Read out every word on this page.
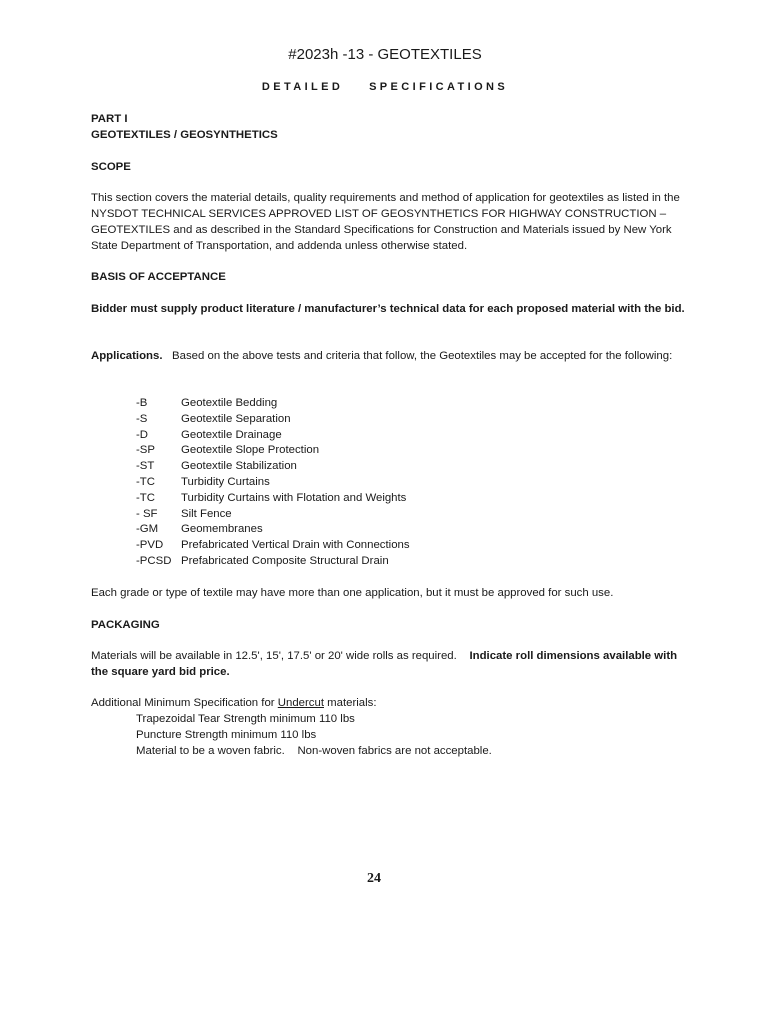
#2023h -13 - GEOTEXTILES
DETAILED    SPECIFICATIONS
PART I
GEOTEXTILES / GEOSYNTHETICS
SCOPE
This section covers the material details, quality requirements and method of application for geotextiles as listed in the NYSDOT TECHNICAL SERVICES APPROVED LIST OF GEOSYNTHETICS FOR HIGHWAY CONSTRUCTION – GEOTEXTILES and as described in the Standard Specifications for Construction and Materials issued by New York State Department of Transportation, and addenda unless otherwise stated.
BASIS OF ACCEPTANCE
Bidder must supply product literature / manufacturer’s technical data for each proposed material with the bid.
Applications. Based on the above tests and criteria that follow, the Geotextiles may be accepted for the following:
-B	Geotextile Bedding
-S	Geotextile Separation
-D	Geotextile Drainage
-SP Geotextile Slope Protection
-ST Geotextile Stabilization
-TC Turbidity Curtains
-TC Turbidity Curtains with Flotation and Weights
- SF Silt Fence
-GM Geomembranes
-PVD Prefabricated Vertical Drain with Connections
-PCSD Prefabricated Composite Structural Drain
Each grade or type of textile may have more than one application, but it must be approved for such use.
PACKAGING
Materials will be available in 12.5', 15', 17.5' or 20' wide rolls as required. Indicate roll dimensions available with the square yard bid price.
Additional Minimum Specification for Undercut materials:
Trapezoidal Tear Strength minimum 110 lbs
Puncture Strength minimum 110 lbs
Material to be a woven fabric.    Non-woven fabrics are not acceptable.
24
